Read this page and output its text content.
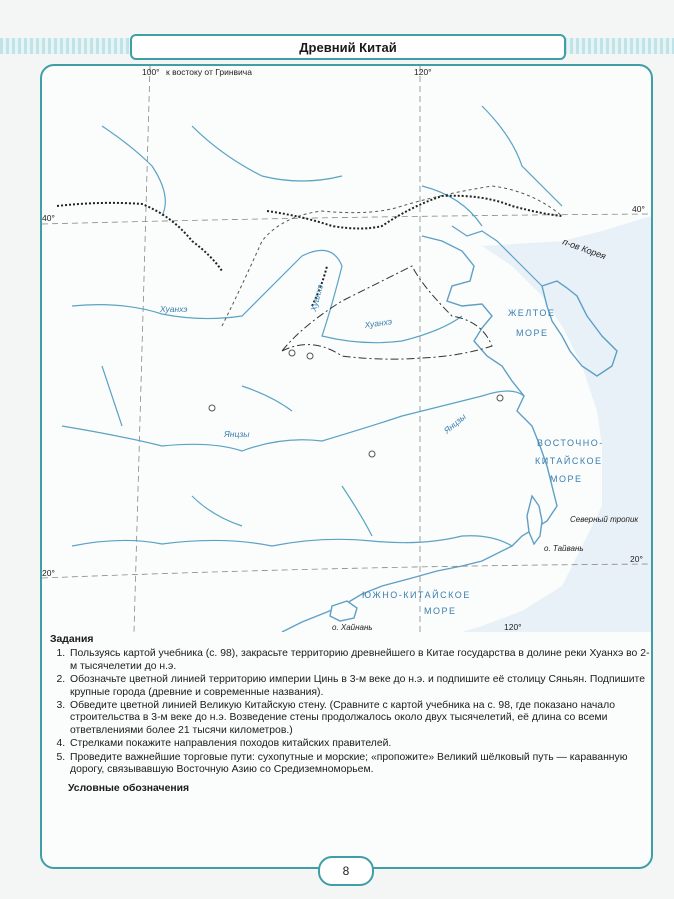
Древний Китай
100° к востоку от Гринвича	120°
120°
40°
40°
20°
20°
Хуанхэ	Хуанхэ
Хуанхэ
Янцзы	Янцзы
п-ов Корея
ЖЕЛТОЕ
МОРЕ
ВОСТОЧНО-
КИТАЙСКОЕ
МОРЕ
ЮЖНО-КИТАЙСКОЕ
МОРЕ
Северный тропик
о. Тайвань
о. Хайнань
Задания
1. Пользуясь картой учебника (с. 98), закрасьте территорию древнейшего в Китае государства в долине реки Хуанхэ во 2-м тысячелетии до н.э.
2. Обозначьте цветной линией территорию империи Цинь в 3-м веке до н.э. и подпишите её столицу Сяньян. Подпишите крупные города (древние и современные названия).
3. Обведите цветной линией Великую Китайскую стену. (Сравните с картой учебника на с. 98, где показано начало строительства в 3-м веке до н.э. Возведение стены продолжалось около двух тысячелетий, её длина со всеми ответвлениями более 21 тысячи километров.)
4. Стрелками покажите направления походов китайских правителей.
5. Проведите важнейшие торговые пути: сухопутные и морские; «пропожите» Великий шёлковый путь — караванную дорогу, связывавшую Восточную Азию со Средиземноморьем.
Условные обозначения
8
